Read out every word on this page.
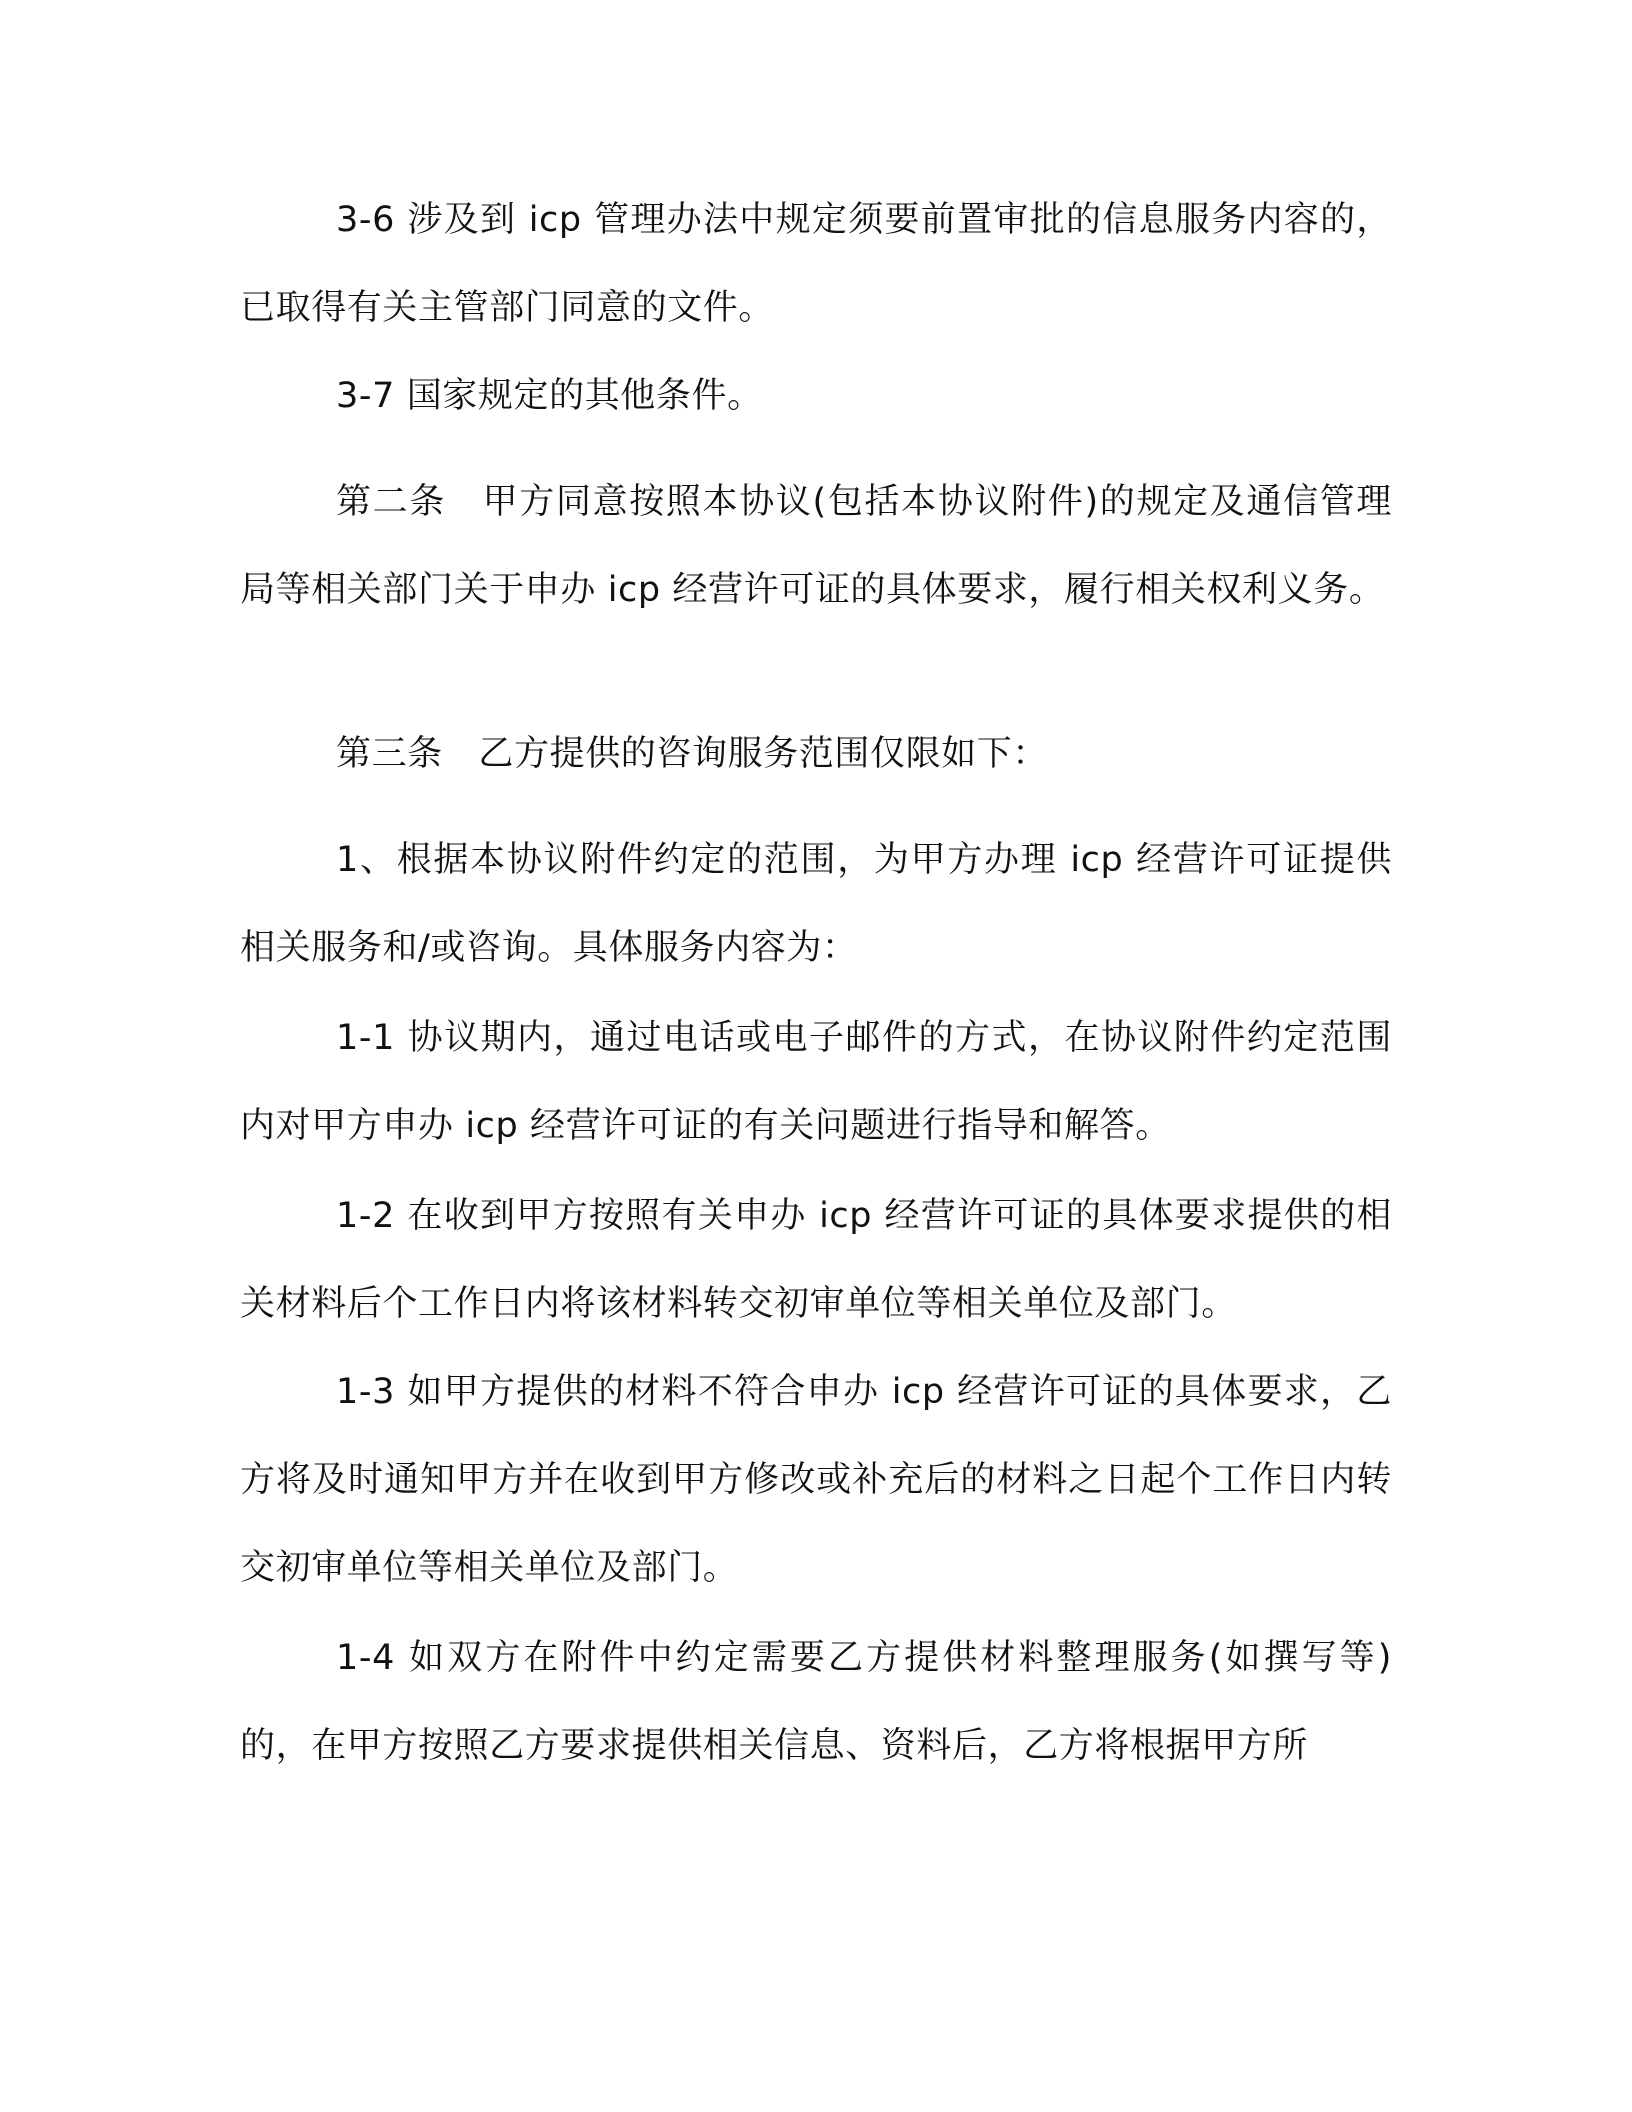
3-6 涉及到 icp 管理办法中规定须要前置审批的信息服务内容的，已取得有关主管部门同意的文件。

3-7 国家规定的其他条件。

第二条　甲方同意按照本协议(包括本协议附件)的规定及通信管理局等相关部门关于申办 icp 经营许可证的具体要求，履行相关权利义务。

第三条　乙方提供的咨询服务范围仅限如下：

1、根据本协议附件约定的范围，为甲方办理 icp 经营许可证提供相关服务和/或咨询。具体服务内容为：

1-1 协议期内，通过电话或电子邮件的方式，在协议附件约定范围内对甲方申办 icp 经营许可证的有关问题进行指导和解答。

1-2 在收到甲方按照有关申办 icp 经营许可证的具体要求提供的相关材料后个工作日内将该材料转交初审单位等相关单位及部门。

1-3 如甲方提供的材料不符合申办 icp 经营许可证的具体要求，乙方将及时通知甲方并在收到甲方修改或补充后的材料之日起个工作日内转交初审单位等相关单位及部门。

1-4 如双方在附件中约定需要乙方提供材料整理服务(如撰写等)的，在甲方按照乙方要求提供相关信息、资料后，乙方将根据甲方所
